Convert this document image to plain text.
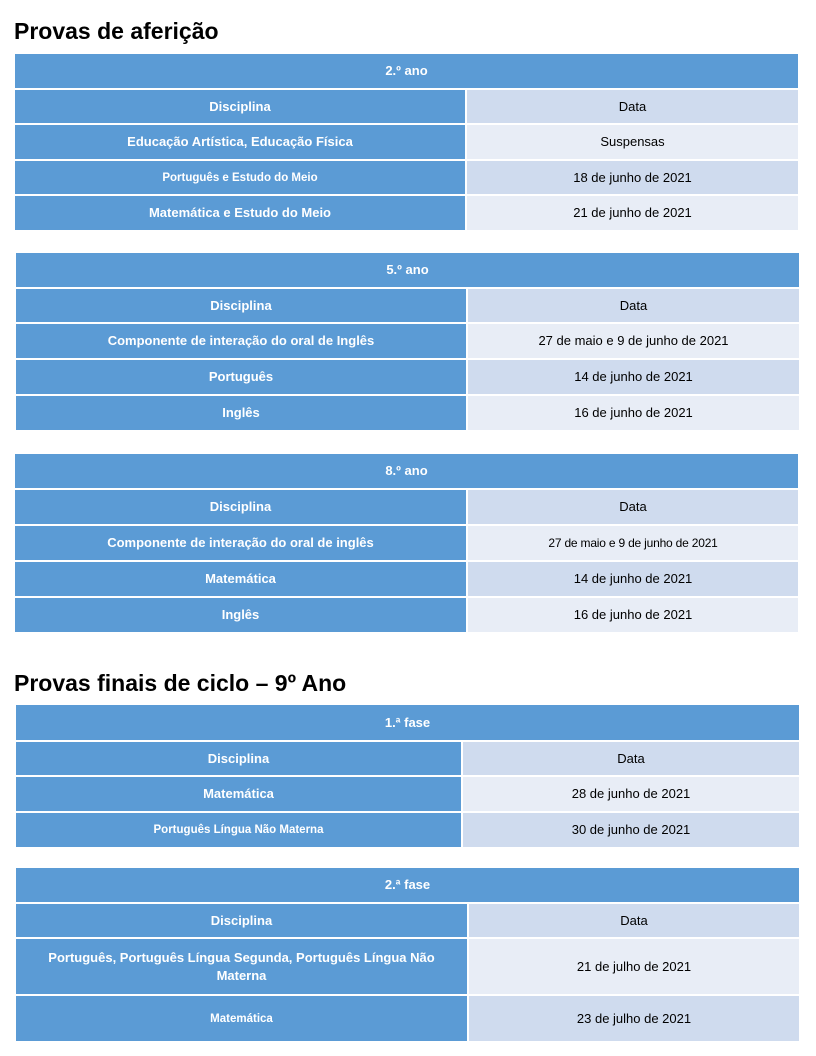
Provas de aferição
2.º ano	
Disciplina	Data
Educação Artística, Educação Física	Suspensas
Português e Estudo do Meio	18 de junho de 2021
Matemática e Estudo do Meio	21 de junho de 2021
5.º ano	
Disciplina	Data
Componente de interação do oral de Inglês	27 de maio e 9 de junho de 2021
Português	14 de junho de 2021
Inglês	16 de junho de 2021
8.º ano	
Disciplina	Data
Componente de interação do oral de inglês	27 de maio e 9 de junho de 2021
Matemática	14 de junho de 2021
Inglês	16 de junho de 2021
Provas finais de ciclo – 9º Ano
1.ª fase	
Disciplina	Data
Matemática	28 de junho de 2021
Português Língua Não Materna	30 de junho de 2021
2.ª fase	
Disciplina	Data
Português, Português Língua Segunda, Português Língua Não Materna	21 de julho de 2021
Matemática	23 de julho de 2021
